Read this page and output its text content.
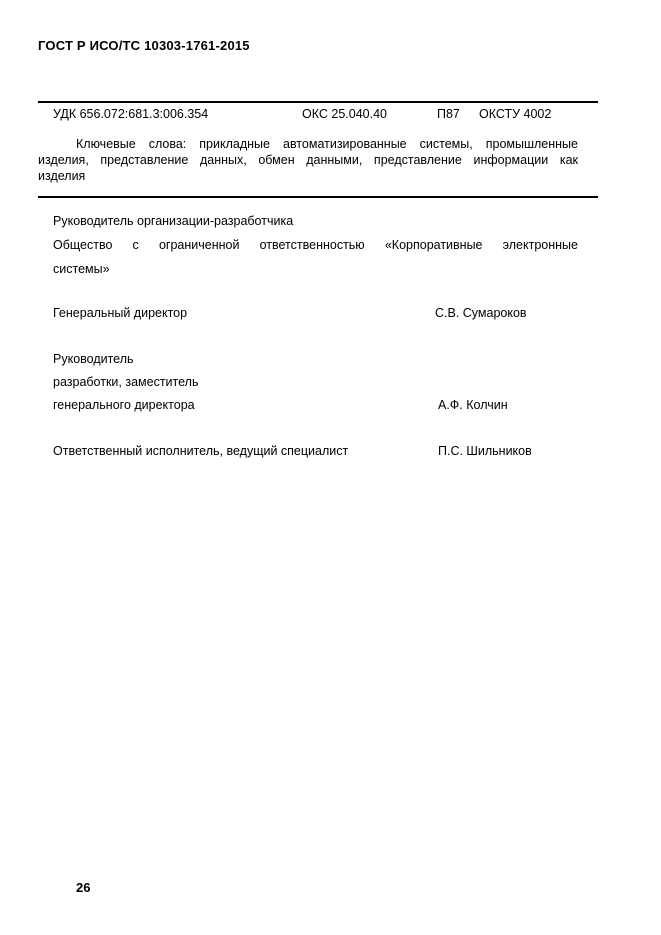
ГОСТ Р ИСО/ТС 10303-1761-2015
УДК 656.072:681.3:006.354	ОКС 25.040.40	П87 ОКСТУ 4002
Ключевые слова: прикладные автоматизированные системы, промышленные
изделия, представление данных, обмен данными, представление информации как
изделия
Руководитель организации-разработчика
Общество с ограниченной ответственностью «Корпоративные электронные
системы»
Генеральный директор	С.В. Сумароков
Руководитель
разработки, заместитель
генерального директора	А.Ф. Колчин
Ответственный исполнитель, ведущий специалист	П.С. Шильников
26
